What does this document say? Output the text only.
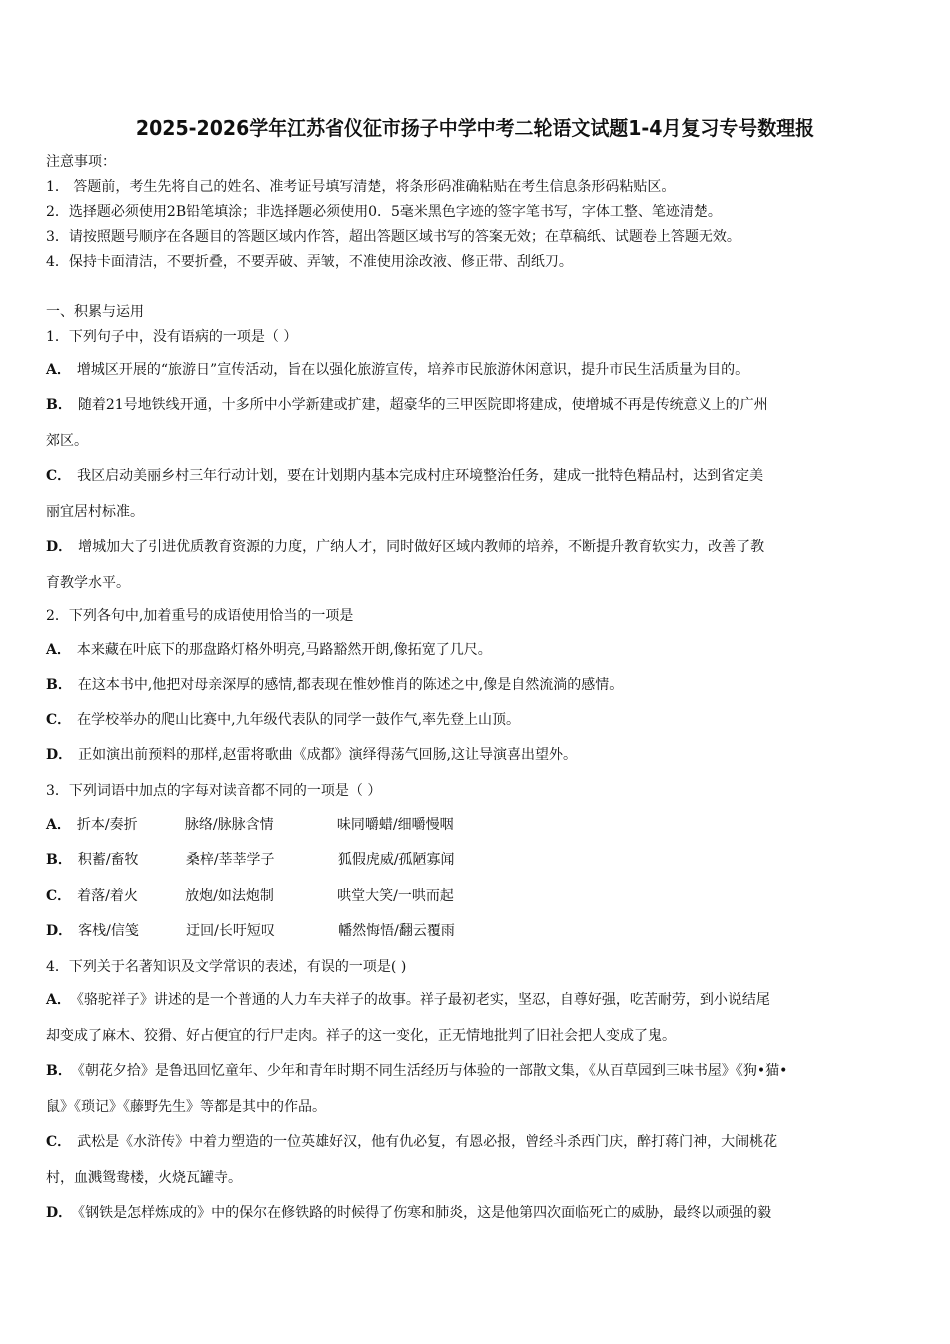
2025-2026学年江苏省仪征市扬子中学中考二轮语文试题1-4月复习专号数理报
注意事项：
1． 答题前，考生先将自己的姓名、准考证号填写清楚，将条形码准确粘贴在考生信息条形码粘贴区。
2．选择题必须使用2B铅笔填涂；非选择题必须使用0．5毫米黑色字迹的签字笔书写，字体工整、笔迹清楚。
3．请按照题号顺序在各题目的答题区域内作答，超出答题区域书写的答案无效；在草稿纸、试题卷上答题无效。
4．保持卡面清洁，不要折叠，不要弄破、弄皱，不准使用涂改液、修正带、刮纸刀。
一、积累与运用
1．下列句子中，没有语病的一项是（ ）
A． 增城区开展的“旅游日”宣传活动，旨在以强化旅游宣传，培养市民旅游休闲意识，提升市民生活质量为目的。
B． 随着21号地铁线开通，十多所中小学新建或扩建，超豪华的三甲医院即将建成，使增城不再是传统意义上的广州
郊区。
C． 我区启动美丽乡村三年行动计划，要在计划期内基本完成村庄环境整治任务，建成一批特色精品村，达到省定美
丽宜居村标准。
D． 增城加大了引进优质教育资源的力度，广纳人才，同时做好区域内教师的培养，不断提升教育软实力，改善了教
育教学水平。
2．下列各句中,加着重号的成语使用恰当的一项是
A． 本来藏在叶底下的那盘路灯格外明亮,马路豁然开朗,像拓宽了几尺。
B． 在这本书中,他把对母亲深厚的感情,都表现在惟妙惟肖的陈述之中,像是自然流淌的感情。
C． 在学校举办的爬山比赛中,九年级代表队的同学一鼓作气,率先登上山顶。
D． 正如演出前预料的那样,赵雷将歌曲《成都》演绎得荡气回肠,这让导演喜出望外。
3．下列词语中加点的字每对读音都不同的一项是（ ）
A． 折本/奏折	脉络/脉脉含情	味同嚼蜡/细嚼慢咽
B． 积蓄/畜牧	桑梓/莘莘学子	狐假虎威/孤陋寡闻
C． 着落/着火	放炮/如法炮制	哄堂大笑/一哄而起
D． 客栈/信笺	迂回/长吁短叹	幡然悔悟/翻云覆雨
4．下列关于名著知识及文学常识的表述，有误的一项是( )
A． 《骆驼祥子》讲述的是一个普通的人力车夫祥子的故事。祥子最初老实，坚忍，自尊好强，吃苦耐劳，到小说结尾
却变成了麻木、狡猾、好占便宜的行尸走肉。祥子的这一变化，正无情地批判了旧社会把人变成了鬼。
B． 《朝花夕拾》是鲁迅回忆童年、少年和青年时期不同生活经历与体验的一部散文集，《从百草园到三味书屋》《狗•猫•
鼠》《琐记》《藤野先生》等都是其中的作品。
C． 武松是《水浒传》中着力塑造的一位英雄好汉，他有仇必复，有恩必报，曾经斗杀西门庆，醉打蒋门神，大闹桃花
村，血溅鸳鸯楼，火烧瓦罐寺。
D． 《钢铁是怎样炼成的》中的保尔在修铁路的时候得了伤寒和肺炎，这是他第四次面临死亡的威胁，最终以顽强的毅
